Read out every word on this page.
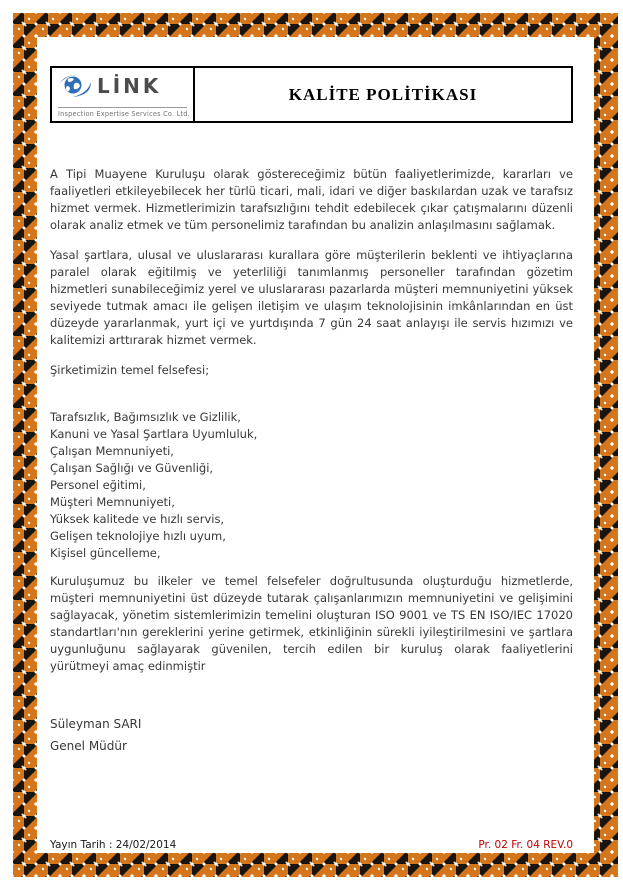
LİNK
Inspection Expertise Services Co. Ltd.
KALİTE POLİTİKASI

A Tipi Muayene Kuruluşu olarak göstereceğimiz bütün faaliyetlerimizde, kararları ve faaliyetleri etkileyebilecek her türlü ticari, mali, idari ve diğer baskılardan uzak ve tarafsız hizmet vermek. Hizmetlerimizin tarafsızlığını tehdit edebilecek çıkar çatışmalarını düzenli olarak analiz etmek ve tüm personelimiz tarafından bu analizin anlaşılmasını sağlamak.

Yasal şartlara, ulusal ve uluslararası kurallara göre müşterilerin beklenti ve ihtiyaçlarına paralel olarak eğitilmiş ve yeterliliği tanımlanmış personeller tarafından gözetim hizmetleri sunabileceğimiz yerel ve uluslararası pazarlarda müşteri memnuniyetini yüksek seviyede tutmak amacı ile gelişen iletişim ve ulaşım teknolojisinin imkânlarından en üst düzeyde yararlanmak, yurt içi ve yurtdışında 7 gün 24 saat anlayışı ile servis hızımızı ve kalitemizi arttırarak hizmet vermek.

Şirketimizin temel felsefesi;

Tarafsızlık, Bağımsızlık ve Gizlilik,
Kanuni ve Yasal Şartlara Uyumluluk,
Çalışan Memnuniyeti,
Çalışan Sağlığı ve Güvenliği,
Personel eğitimi,
Müşteri Memnuniyeti,
Yüksek kalitede ve hızlı servis,
Gelişen teknolojiye hızlı uyum,
Kişisel güncelleme,

Kuruluşumuz bu ilkeler ve temel felsefeler doğrultusunda oluşturduğu hizmetlerde, müşteri memnuniyetini üst düzeyde tutarak çalışanlarımızın memnuniyetini ve gelişimini sağlayacak, yönetim sistemlerimizin temelini oluşturan ISO 9001 ve TS EN ISO/IEC 17020 standartları'nın gereklerini yerine getirmek, etkinliğinin sürekli iyileştirilmesini ve şartlara uygunluğunu sağlayarak güvenilen, tercih edilen bir kuruluş olarak faaliyetlerini yürütmeyi amaç edinmiştir

Süleyman SARI
Genel Müdür
Yayın Tarih : 24/02/2014	Pr. 02 Fr. 04 REV.0
